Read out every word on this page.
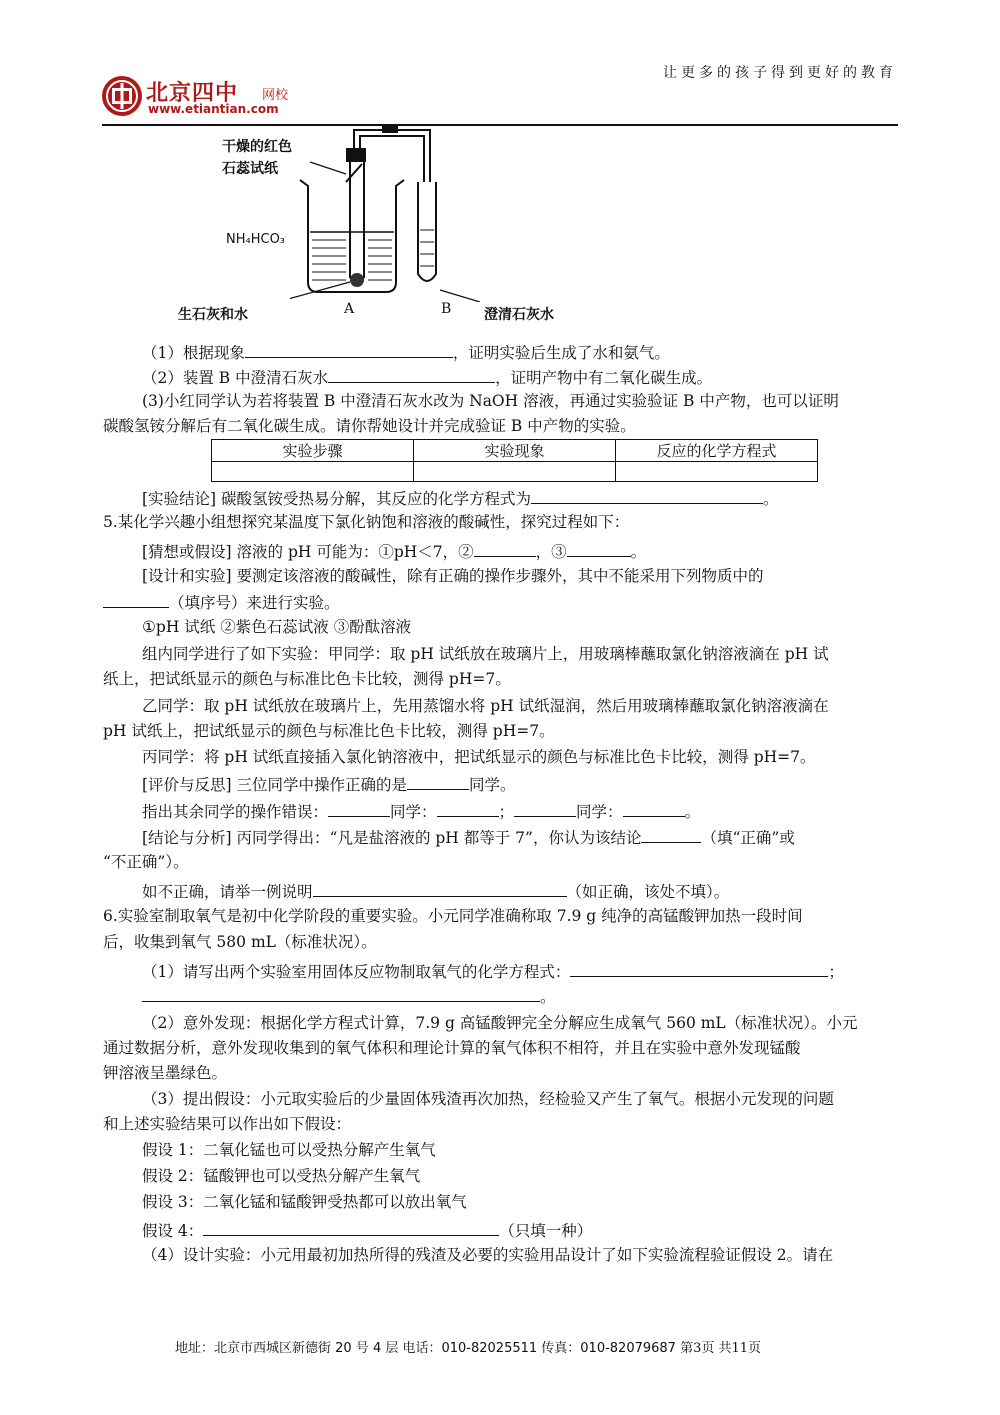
让更多的孩子得到更好的教育
北京四中 网校
www.etiantian.com
干燥的红色
石蕊试纸
NH₄HCO₃
生石灰和水	A	B 澄清石灰水
（1）根据现象	，证明实验后生成了水和氨气。
（2）装置 B 中澄清石灰水	，证明产物中有二氧化碳生成。
(3)小红同学认为若将装置 B 中澄清石灰水改为 NaOH 溶液，再通过实验验证 B 中产物，也可以证明
碳酸氢铵分解后有二氧化碳生成。请你帮她设计并完成验证 B 中产物的实验。
实验步骤	实验现象	反应的化学方程式

[实验结论] 碳酸氢铵受热易分解，其反应的化学方程式为	。
5.某化学兴趣小组想探究某温度下氯化钠饱和溶液的酸碱性，探究过程如下：
[猜想或假设] 溶液的 pH 可能为：①pH＜7，②	，③	。
[设计和实验] 要测定该溶液的酸碱性，除有正确的操作步骤外，其中不能采用下列物质中的
（填序号）来进行实验。
①pH 试纸 ②紫色石蕊试液 ③酚酞溶液
组内同学进行了如下实验：甲同学：取 pH 试纸放在玻璃片上，用玻璃棒蘸取氯化钠溶液滴在 pH 试
纸上，把试纸显示的颜色与标准比色卡比较，测得 pH=7。
乙同学：取 pH 试纸放在玻璃片上，先用蒸馏水将 pH 试纸湿润，然后用玻璃棒蘸取氯化钠溶液滴在
pH 试纸上，把试纸显示的颜色与标准比色卡比较，测得 pH=7。
丙同学：将 pH 试纸直接插入氯化钠溶液中，把试纸显示的颜色与标准比色卡比较，测得 pH=7。
[评价与反思] 三位同学中操作正确的是	同学。
指出其余同学的操作错误：	同学：	；	同学：	。
[结论与分析] 丙同学得出：“凡是盐溶液的 pH 都等于 7”，你认为该结论	（填“正确”或
“不正确”）。
如不正确，请举一例说明	（如正确，该处不填）。
6.实验室制取氧气是初中化学阶段的重要实验。小元同学准确称取 7.9 g 纯净的高锰酸钾加热一段时间
后，收集到氧气 580 mL（标准状况）。
（1）请写出两个实验室用固体反应物制取氧气的化学方程式：	；
。
（2）意外发现：根据化学方程式计算，7.9 g 高锰酸钾完全分解应生成氧气 560 mL（标准状况）。小元
通过数据分析，意外发现收集到的氧气体积和理论计算的氧气体积不相符，并且在实验中意外发现锰酸
钾溶液呈墨绿色。
（3）提出假设：小元取实验后的少量固体残渣再次加热，经检验又产生了氧气。根据小元发现的问题
和上述实验结果可以作出如下假设：
假设 1：二氧化锰也可以受热分解产生氧气
假设 2：锰酸钾也可以受热分解产生氧气
假设 3：二氧化锰和锰酸钾受热都可以放出氧气
假设 4：	（只填一种）
（4）设计实验：小元用最初加热所得的残渣及必要的实验用品设计了如下实验流程验证假设 2。请在
地址：北京市西城区新德街 20 号 4 层 电话：010-82025511 传真：010-82079687 第3页 共11页
